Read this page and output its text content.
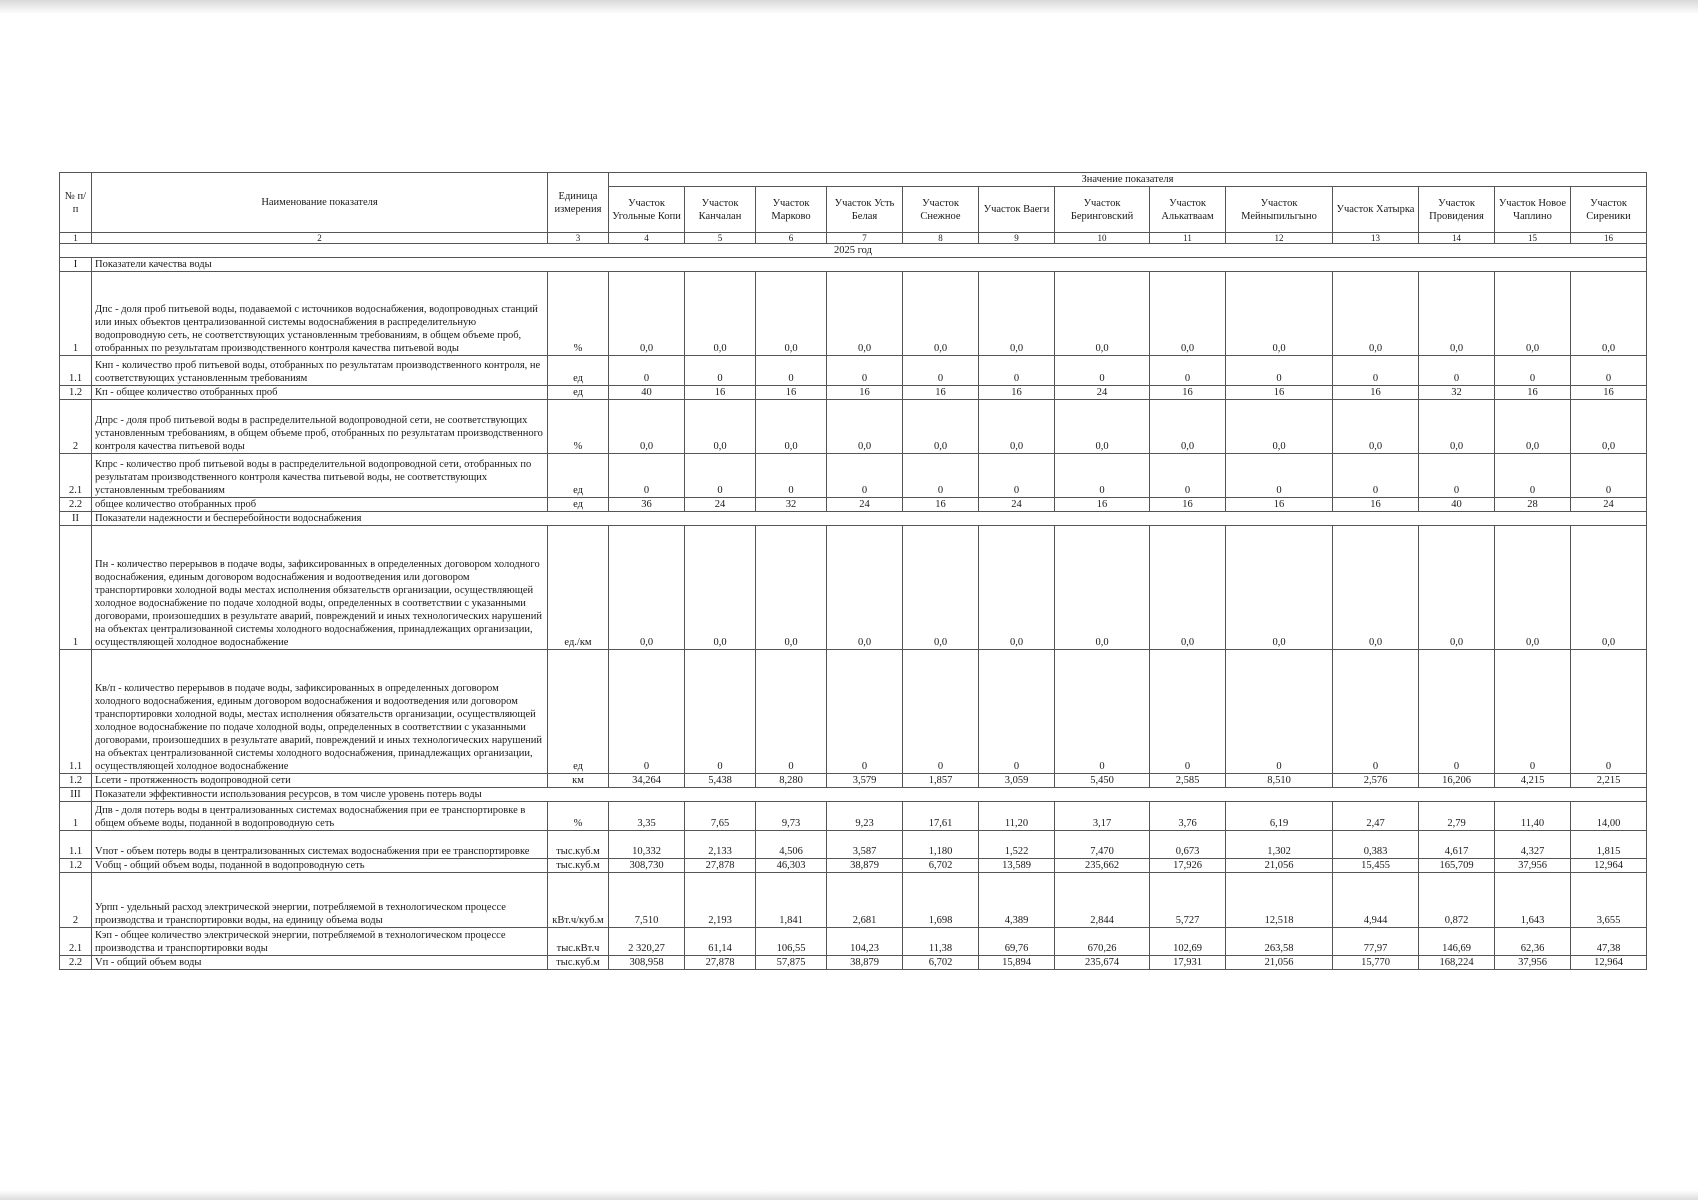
№ п/п	Наименование показателя	Единица измерения	Значение показателя												
			Участок Угольные Копи	Участок Канчалан	Участок Марково	Участок Усть Белая	Участок Снежное	Участок Ваеги	Участок Беринговский	Участок Алькатваам	Участок Мейныпильгыно	Участок Хатырка	Участок Провидения	Участок Новое Чаплино	Участок Сиреники
1	2	3	4	5	6	7	8	9	10	11	12	13	14	15	16
2025 год															
I	Показатели качества воды														
1	Дпс - доля проб питьевой воды, подаваемой с источников водоснабжения, водопроводных станций или иных объектов централизованной системы водоснабжения в распределительную водопроводную сеть, не соответствующих установленным требованиям, в общем объеме проб, отобранных по результатам производственного контроля качества питьевой воды	%	0,0	0,0	0,0	0,0	0,0	0,0	0,0	0,0	0,0	0,0	0,0	0,0	0,0
1.1	Кнп - количество проб питьевой воды, отобранных по результатам производственного контроля, не соответствующих установленным требованиям	ед	0	0	0	0	0	0	0	0	0	0	0	0	0
1.2	Кп - общее количество отобранных проб	ед	40	16	16	16	16	16	24	16	16	16	32	16	16
2	Дпрс - доля проб питьевой воды в распределительной водопроводной сети, не соответствующих установленным требованиям, в общем объеме проб, отобранных по результатам производственного контроля качества питьевой воды	%	0,0	0,0	0,0	0,0	0,0	0,0	0,0	0,0	0,0	0,0	0,0	0,0	0,0
2.1	Кпрс - количество проб питьевой воды в распределительной водопроводной сети, отобранных по результатам производственного контроля качества питьевой воды, не соответствующих установленным требованиям	ед	0	0	0	0	0	0	0	0	0	0	0	0	0
2.2	общее количество отобранных проб	ед	36	24	32	24	16	24	16	16	16	16	40	28	24
II	Показатели надежности и бесперебойности водоснабжения														
1	Пн - количество перерывов в подаче воды, зафиксированных в определенных договором холодного водоснабжения, единым договором водоснабжения и водоотведения или договором транспортировки холодной воды местах исполнения обязательств организации, осуществляющей холодное водоснабжение по подаче холодной воды, определенных в соответствии с указанными договорами, произошедших в результате аварий, повреждений и иных технологических нарушений на объектах централизованной системы холодного водоснабжения, принадлежащих организации, осуществляющей холодное водоснабжение	ед./км	0,0	0,0	0,0	0,0	0,0	0,0	0,0	0,0	0,0	0,0	0,0	0,0	0,0
1.1	Кв/п - количество перерывов в подаче воды, зафиксированных в определенных договором холодного водоснабжения, единым договором водоснабжения и водоотведения или договором транспортировки холодной воды, местах исполнения обязательств организации, осуществляющей холодное водоснабжение по подаче холодной воды, определенных в соответствии с указанными договорами, произошедших в результате аварий, повреждений и иных технологических нарушений на объектах централизованной системы холодного водоснабжения, принадлежащих организации, осуществляющей холодное водоснабжение	ед	0	0	0	0	0	0	0	0	0	0	0	0	0
1.2	Lсети - протяженность водопроводной сети	км	34,264	5,438	8,280	3,579	1,857	3,059	5,450	2,585	8,510	2,576	16,206	4,215	2,215
III	Показатели эффективности использования ресурсов, в том числе уровень потерь воды														
1	Дпв - доля потерь воды в централизованных системах водоснабжения при ее транспортировке в общем объеме воды, поданной в водопроводную сеть	%	3,35	7,65	9,73	9,23	17,61	11,20	3,17	3,76	6,19	2,47	2,79	11,40	14,00
1.1	Vпот - объем потерь воды в централизованных системах водоснабжения при ее транспортировке	тыс.куб.м	10,332	2,133	4,506	3,587	1,180	1,522	7,470	0,673	1,302	0,383	4,617	4,327	1,815
1.2	Vобщ - общий объем воды, поданной в водопроводную сеть	тыс.куб.м	308,730	27,878	46,303	38,879	6,702	13,589	235,662	17,926	21,056	15,455	165,709	37,956	12,964
2	Урпп - удельный расход электрической энергии, потребляемой в технологическом процессе производства и транспортировки воды, на единицу объема воды	кВт.ч/куб.м	7,510	2,193	1,841	2,681	1,698	4,389	2,844	5,727	12,518	4,944	0,872	1,643	3,655
2.1	Кэп - общее количество электрической энергии, потребляемой в технологическом процессе производства и транспортировки воды	тыс.кВт.ч	2 320,27	61,14	106,55	104,23	11,38	69,76	670,26	102,69	263,58	77,97	146,69	62,36	47,38
2.2	Vп - общий объем воды	тыс.куб.м	308,958	27,878	57,875	38,879	6,702	15,894	235,674	17,931	21,056	15,770	168,224	37,956	12,964
